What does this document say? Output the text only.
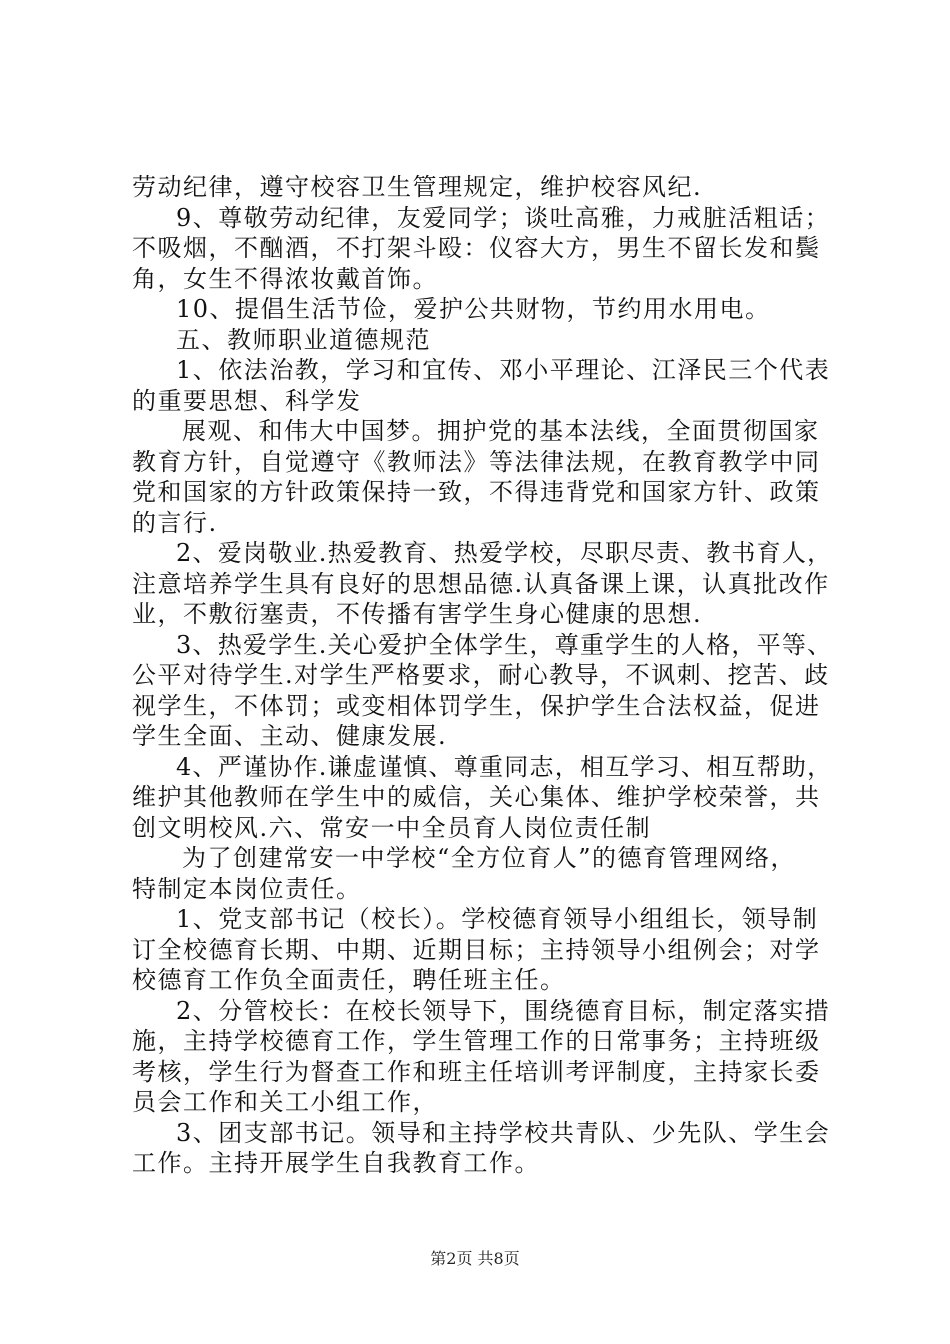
劳动纪律，遵守校容卫生管理规定，维护校容风纪.
9、尊敬劳动纪律，友爱同学；谈吐高雅，力戒脏活粗话；
不吸烟，不酗酒，不打架斗殴：仪容大方，男生不留长发和鬓
角，女生不得浓妆戴首饰。
10、提倡生活节俭，爱护公共财物，节约用水用电。
五、教师职业道德规范
1、依法治教，学习和宜传、邓小平理论、江泽民三个代表
的重要思想、科学发
展观、和伟大中国梦。拥护党的基本法线，全面贯彻国家
教育方针，自觉遵守《教师法》等法律法规，在教育教学中同
党和国家的方针政策保持一致，不得违背党和国家方针、政策
的言行.
2、爱岗敬业.热爱教育、热爱学校，尽职尽责、教书育人，
注意培养学生具有良好的思想品德.认真备课上课，认真批改作
业，不敷衍塞责，不传播有害学生身心健康的思想.
3、热爱学生.关心爱护全体学生，尊重学生的人格，平等、
公平对待学生.对学生严格要求，耐心教导，不讽刺、挖苦、歧
视学生，不体罚；或变相体罚学生，保护学生合法权益，促进
学生全面、主动、健康发展.
4、严谨协作.谦虚谨慎、尊重同志，相互学习、相互帮助，
维护其他教师在学生中的威信，关心集体、维护学校荣誉，共
创文明校风.六、常安一中全员育人岗位责任制
为了创建常安一中学校“全方位育人”的德育管理网络，
特制定本岗位责任。
1、党支部书记（校长）。学校德育领导小组组长，领导制
订全校德育长期、中期、近期目标；主持领导小组例会；对学
校德育工作负全面责任，聘任班主任。
2、分管校长：在校长领导下，围绕德育目标，制定落实措
施，主持学校德育工作，学生管理工作的日常事务；主持班级
考核，学生行为督查工作和班主任培训考评制度，主持家长委
员会工作和关工小组工作，
3、团支部书记。领导和主持学校共青队、少先队、学生会
工作。主持开展学生自我教育工作。
第2页 共8页
